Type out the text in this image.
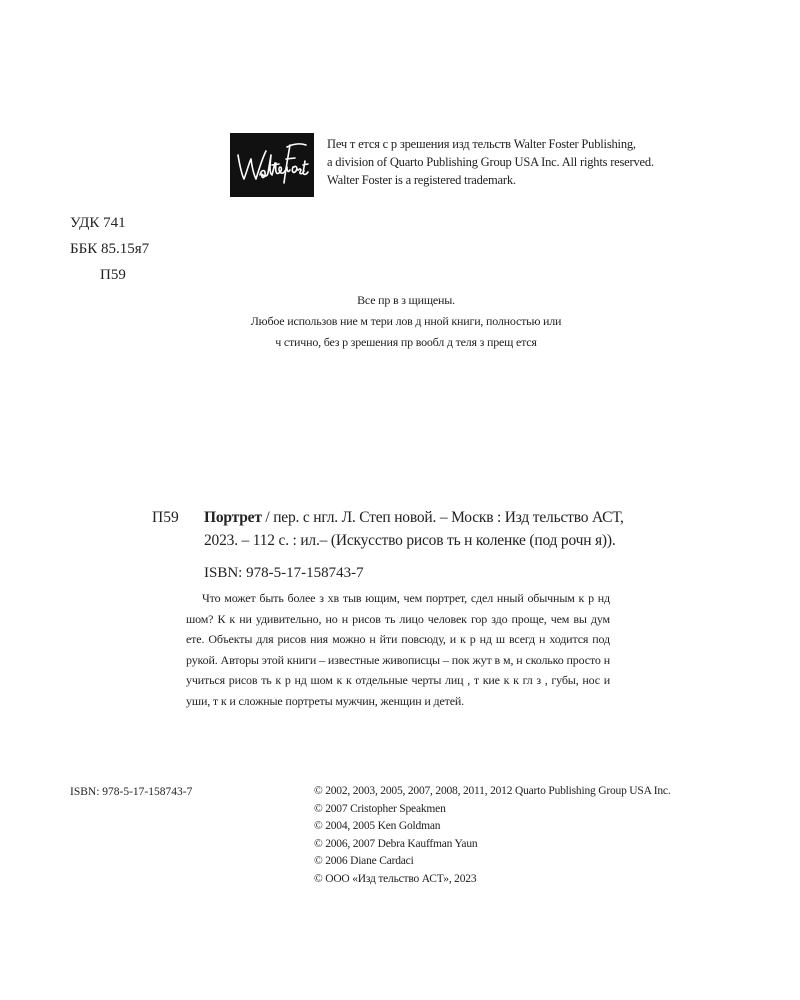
Печ т ется с р зрешения изд тельств Walter Foster Publishing,
a division of Quarto Publishing Group USA Inc. All rights reserved.
Walter Foster is a registered trademark.
УДК 741
ББК 85.15я7
П59
Все пр в з щищены.
Любое использов ние м тери лов д нной книги, полностью или
ч стично, без р зрешения пр вообл д теля з прещ ется
П59 Портрет / пер. с нгл. Л. Степ новой. – Москв : Изд тельство АСТ, 2023. – 112 с. : ил.– (Искусство рисов ть н коленке (под рочн я)).
ISBN: 978-5-17-158743-7
Что может быть более з хв тыв ющим, чем портрет, сдел нный обычным к р нд шом? К к ни удивительно, но н рисов ть лицо человек гор здо проще, чем вы дум ете. Объекты для рисов ния можно н йти повсюду, и к р нд ш всегд н ходится под рукой. Авторы этой книги – известные живописцы – пок жут в м, н сколько просто н учиться рисов ть к р нд шом к к отдельные черты лиц , т кие к к гл з , губы, нос и уши, т к и сложные портреты мужчин, женщин и детей.
ISBN: 978-5-17-158743-7	© 2002, 2003, 2005, 2007, 2008, 2011, 2012 Quarto Publishing Group USA Inc.
© 2007 Cristopher Speakmen
© 2004, 2005 Ken Goldman
© 2006, 2007 Debra Kauffman Yaun
© 2006 Diane Cardaci
© ООО «Изд тельство АСТ», 2023
